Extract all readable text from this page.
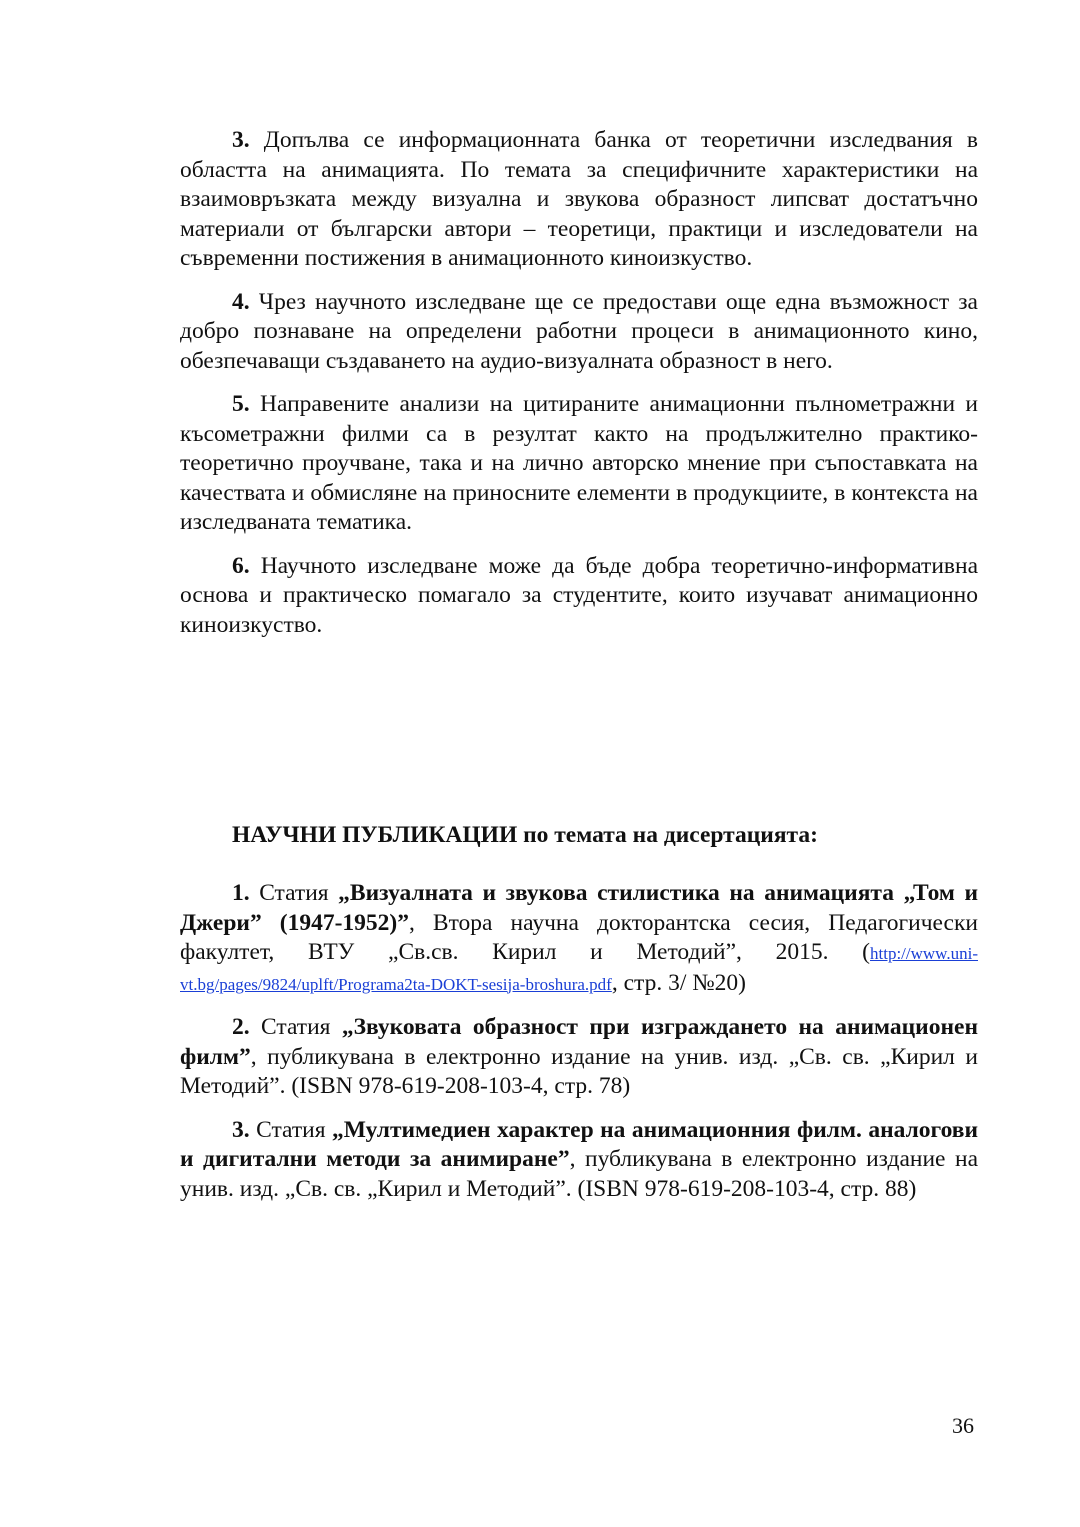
3. Допълва се информационната банка от теоретични изследвания в областта на анимацията. По темата за специфичните характеристики на взаимовръзката между визуална и звукова образност липсват достатъчно материали от български автори – теоретици, практици и изследователи на съвременни постижения в анимационното киноизкуство.

4. Чрез научното изследване ще се предостави още една възможност за добро познаване на определени работни процеси в анимационното кино, обезпечаващи създаването на аудио-визуалната образност в него.

5. Направените анализи на цитираните анимационни пълнометражни и късометражни филми са в резултат както на продължително практико-теоретично проучване, така и на лично авторско мнение при съпоставката на качествата и обмисляне на приносните елементи в продукциите, в контекста на изследваната тематика.

6. Научното изследване може да бъде добра теоретично-информативна основа и практическо помагало за студентите, които изучават анимационно киноизкуство.

НАУЧНИ ПУБЛИКАЦИИ по темата на дисертацията:

1. Статия „Визуалната и звукова стилистика на анимацията „Том и Джери” (1947-1952)”, Втора научна докторантска сесия, Педагогически факултет, ВТУ „Св.св. Кирил и Методий”, 2015. (http://www.uni-vt.bg/pages/9824/uplft/Programa2ta-DOKT-sesija-broshura.pdf, стр. 3/ №20)

2. Статия „Звуковата образност при изграждането на анимационен филм”, публикувана в електронно издание на унив. изд. „Св. св. „Кирил и Методий”. (ISBN 978-619-208-103-4, стр. 78)

3. Статия „Мултимедиен характер на анимационния филм. аналогови и дигитални методи за анимиране”, публикувана в електронно издание на унив. изд. „Св. св. „Кирил и Методий”. (ISBN 978-619-208-103-4, стр. 88)

36
